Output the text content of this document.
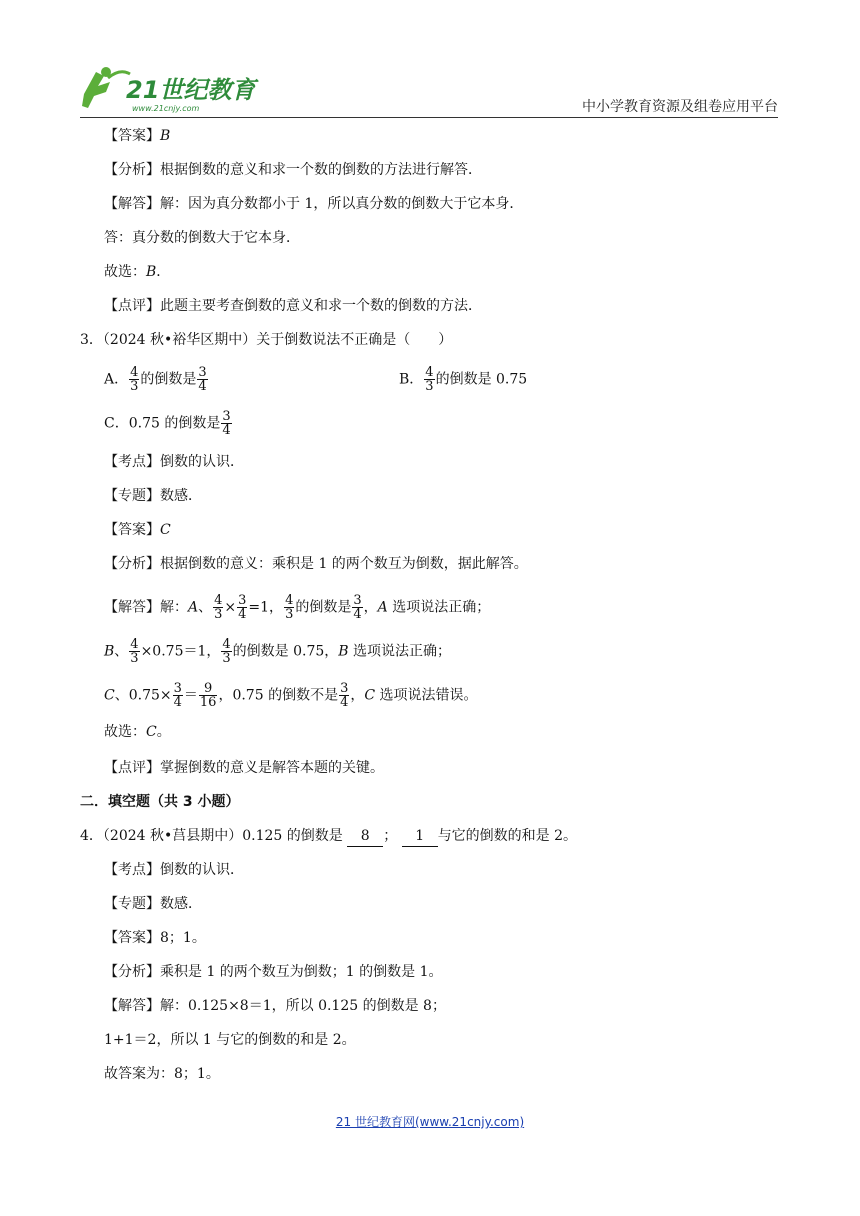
21世纪教育
www.21cnjy.com	中小学教育资源及组卷应用平台
【答案】B
【分析】根据倒数的意义和求一个数的倒数的方法进行解答．
【解答】解：因为真分数都小于 1，所以真分数的倒数大于它本身．
答：真分数的倒数大于它本身．
故选：B．
【点评】此题主要考查倒数的意义和求一个数的倒数的方法．
3．（2024 秋•裕华区期中）关于倒数说法不正确是（　　）
A． $\frac{4}{3}$ 的倒数是 $\frac{3}{4}$	B． $\frac{4}{3}$ 的倒数是 0.75
C．0.75 的倒数是 $\frac{3}{4}$
【考点】倒数的认识．
【专题】数感．
【答案】C
【分析】根据倒数的意义：乘积是 1 的两个数互为倒数，据此解答。
【解答】解：A、 $\frac{4}{3} \times \frac{3}{4} =1$， $\frac{4}{3}$ 的倒数是 $\frac{3}{4}$ ，A 选项说法正确；
B、 $\frac{4}{3} \times 0.75=1$， $\frac{4}{3}$ 的倒数是 0.75，B 选项说法正确；
C、$0.75\times \frac{3}{4} = \frac{9}{16}$ ，0.75 的倒数不是 $\frac{3}{4}$ ，C 选项说法错误。
故选：C。
【点评】掌握倒数的意义是解答本题的关键。
二．填空题（共 3 小题）
4．（2024 秋•莒县期中）0.125 的倒数是 8 ； 1 与它的倒数的和是 2。
【考点】倒数的认识．
【专题】数感．
【答案】8；1。
【分析】乘积是 1 的两个数互为倒数；1 的倒数是 1。
【解答】解：0.125×8＝1，所以 0.125 的倒数是 8；
1+1＝2，所以 1 与它的倒数的和是 2。
故答案为：8；1。
21 世纪教育网(www.21cnjy.com)
